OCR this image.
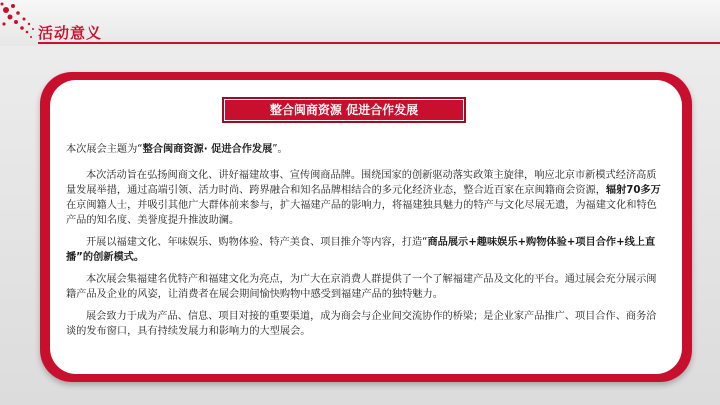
活动意义
整合闽商资源 促进合作发展

本次展会主题为“整合闽商资源· 促进合作发展”。

本次活动旨在弘扬闽商文化、讲好福建故事、宣传闽商品牌。围绕国家的创新驱动落实政策主旋律，响应北京市新模式经济高质量发展举措，通过高端引领、活力时尚、跨界融合和知名品牌相结合的多元化经济业态，整合近百家在京闽籍商会资源，辐射70多万在京闽籍人士，并吸引其他广大群体前来参与，扩大福建产品的影响力，将福建独具魅力的特产与文化尽展无遗，为福建文化和特色产品的知名度、美誉度提升推波助澜。

开展以福建文化、年味娱乐、购物体验、特产美食、项目推介等内容，打造“商品展示+趣味娱乐+购物体验+项目合作+线上直播”的创新模式。

本次展会集福建名优特产和福建文化为亮点，为广大在京消费人群提供了一个了解福建产品及文化的平台。通过展会充分展示闽籍产品及企业的风姿，让消费者在展会期间愉快购物中感受到福建产品的独特魅力。

展会致力于成为产品、信息、项目对接的重要渠道，成为商会与企业间交流协作的桥梁；是企业家产品推广、项目合作、商务洽谈的发布窗口，具有持续发展力和影响力的大型展会。
